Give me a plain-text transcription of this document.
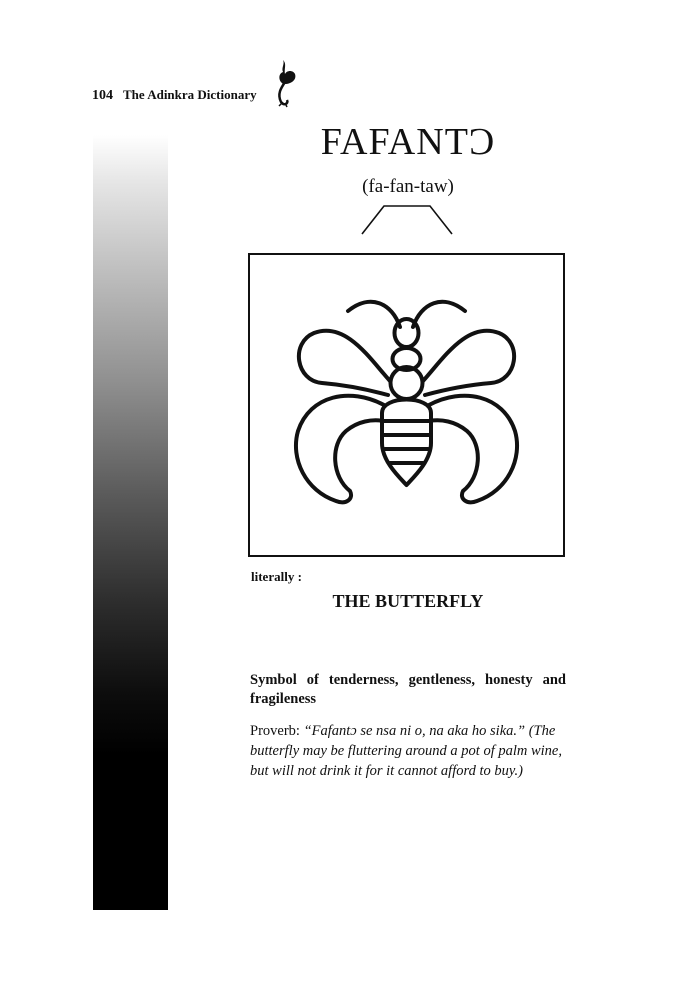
104 The Adinkra Dictionary
FAFANTƆ
(fa-fan-taw)
literally :
THE BUTTERFLY

Symbol of tenderness, gentleness, honesty and fragileness

Proverb: “Fafantɔ se nsa ni o, na aka ho sika.” (The butterfly may be fluttering around a pot of palm wine, but will not drink it for it cannot afford to buy.)
